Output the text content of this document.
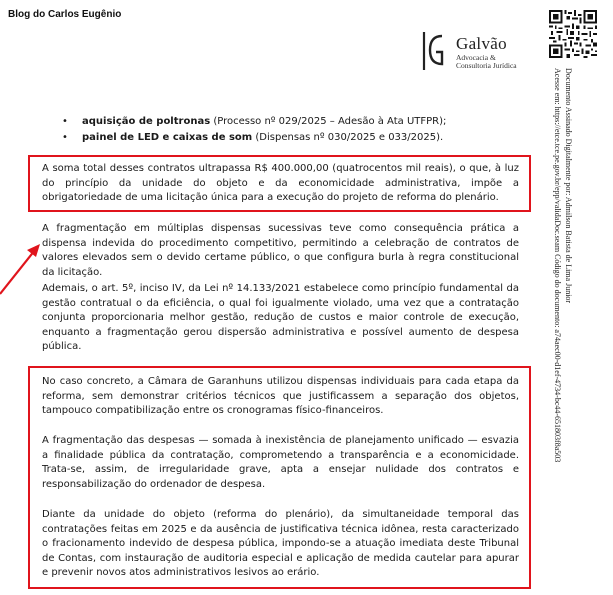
Blog do Carlos Eugênio
Galvão
Advocacia &
Consultoria Jurídica
Documento Assinado Digitalmente por: Admilson Batista de Lima Junior
Acesse em: https://etce.tce.pe.gov.br/epp/validaDoc.seam Código do documento: a74aec00-d1ef-4734-bc44-651803f8a503
• aquisição de poltronas (Processo nº 029/2025 – Adesão à Ata UTFPR);
• painel de LED e caixas de som (Dispensas nº 030/2025 e 033/2025).

A soma total desses contratos ultrapassa R$ 400.000,00 (quatrocentos mil reais), o que, à luz do princípio da unidade do objeto e da economicidade administrativa, impõe a obrigatoriedade de uma licitação única para a execução do projeto de reforma do plenário.

A fragmentação em múltiplas dispensas sucessivas teve como consequência prática a dispensa indevida do procedimento competitivo, permitindo a celebração de contratos de valores elevados sem o devido certame público, o que configura burla à regra constitucional da licitação.

Ademais, o art. 5º, inciso IV, da Lei nº 14.133/2021 estabelece como princípio fundamental da gestão contratual o da eficiência, o qual foi igualmente violado, uma vez que a contratação conjunta proporcionaria melhor gestão, redução de custos e maior controle de execução, enquanto a fragmentação gerou dispersão administrativa e possível aumento de despesa pública.

No caso concreto, a Câmara de Garanhuns utilizou dispensas individuais para cada etapa da reforma, sem demonstrar critérios técnicos que justificassem a separação dos objetos, tampouco compatibilização entre os cronogramas físico-financeiros.

A fragmentação das despesas — somada à inexistência de planejamento unificado — esvazia a finalidade pública da contratação, comprometendo a transparência e a economicidade. Trata-se, assim, de irregularidade grave, apta a ensejar nulidade dos contratos e responsabilização do ordenador de despesa.

Diante da unidade do objeto (reforma do plenário), da simultaneidade temporal das contratações feitas em 2025 e da ausência de justificativa técnica idônea, resta caracterizado o fracionamento indevido de despesa pública, impondo-se a atuação imediata deste Tribunal de Contas, com instauração de auditoria especial e aplicação de medida cautelar para apurar e prevenir novos atos administrativos lesivos ao erário.
